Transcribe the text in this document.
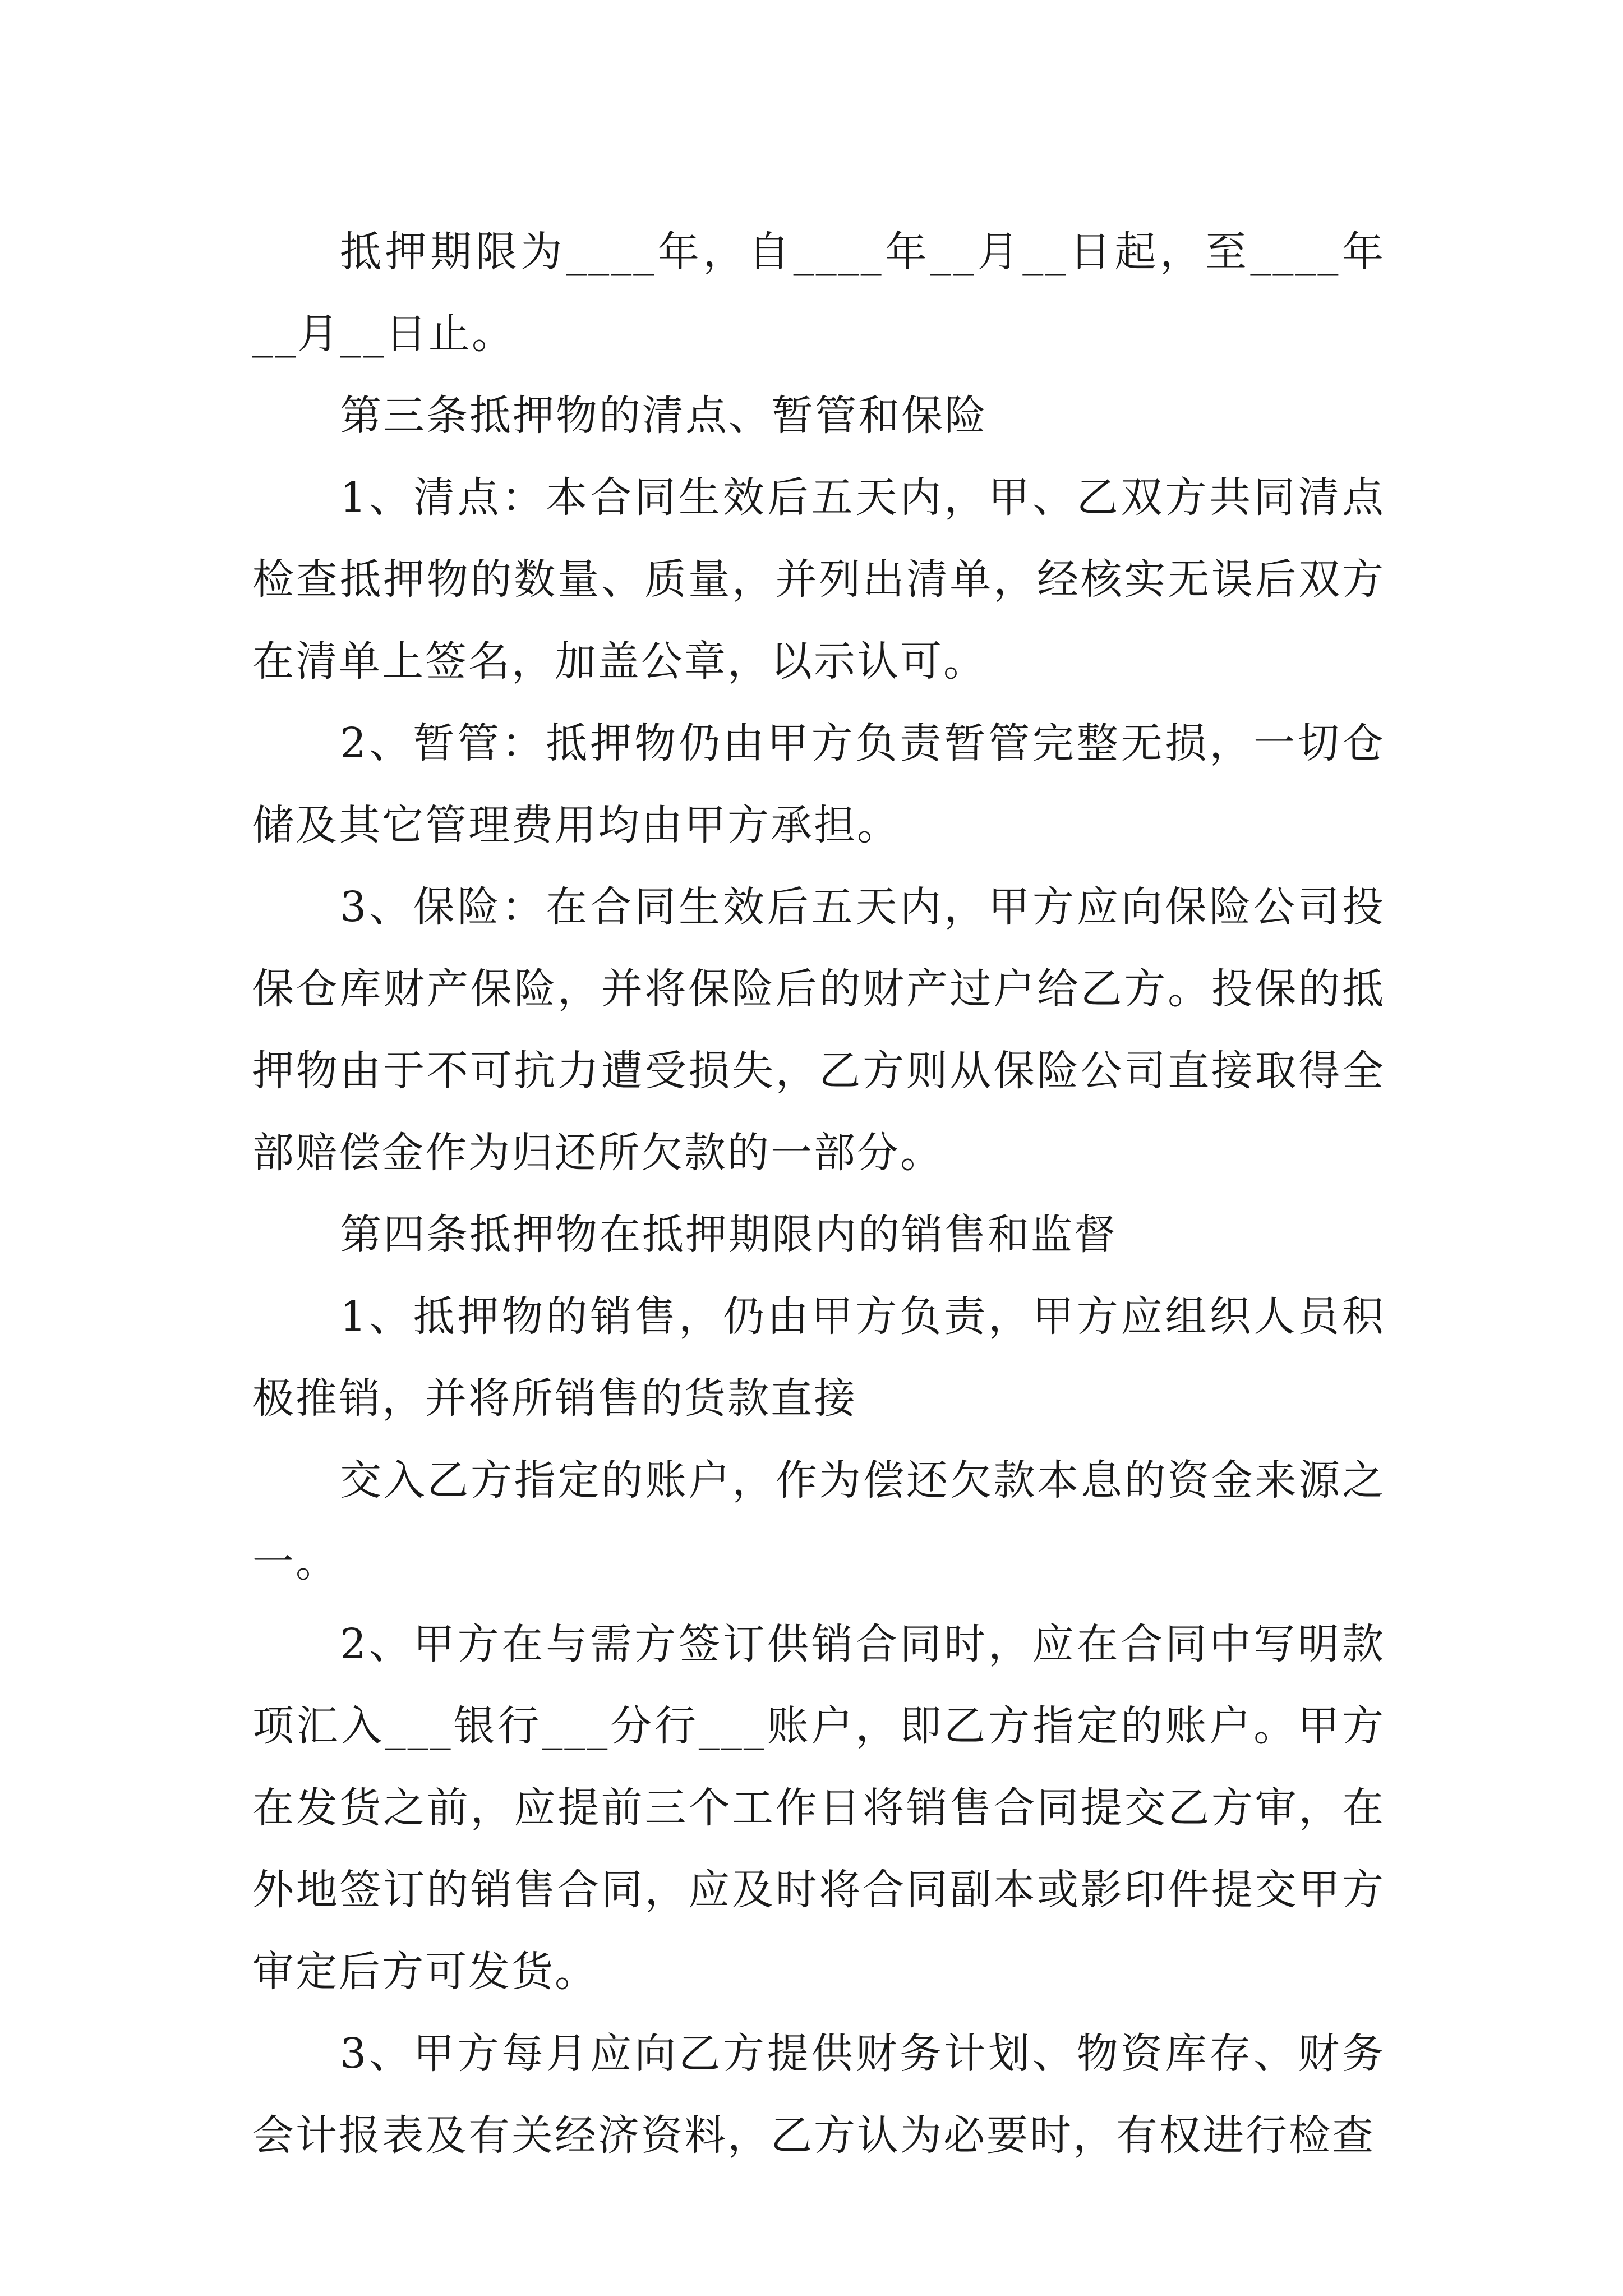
抵押期限为____年，自____年__月__日起，至____年__月__日止。

第三条抵押物的清点、暂管和保险

1、清点：本合同生效后五天内，甲、乙双方共同清点检查抵押物的数量、质量，并列出清单，经核实无误后双方在清单上签名，加盖公章，以示认可。

2、暂管：抵押物仍由甲方负责暂管完整无损，一切仓储及其它管理费用均由甲方承担。

3、保险：在合同生效后五天内，甲方应向保险公司投保仓库财产保险，并将保险后的财产过户给乙方。投保的抵押物由于不可抗力遭受损失，乙方则从保险公司直接取得全部赔偿金作为归还所欠款的一部分。

第四条抵押物在抵押期限内的销售和监督

1、抵押物的销售，仍由甲方负责，甲方应组织人员积极推销，并将所销售的货款直接

交入乙方指定的账户，作为偿还欠款本息的资金来源之一。

2、甲方在与需方签订供销合同时，应在合同中写明款项汇入___银行___分行___账户，即乙方指定的账户。甲方在发货之前，应提前三个工作日将销售合同提交乙方审，在外地签订的销售合同，应及时将合同副本或影印件提交甲方审定后方可发货。

3、甲方每月应向乙方提供财务计划、物资库存、财务会计报表及有关经济资料，乙方认为必要时，有权进行检查
